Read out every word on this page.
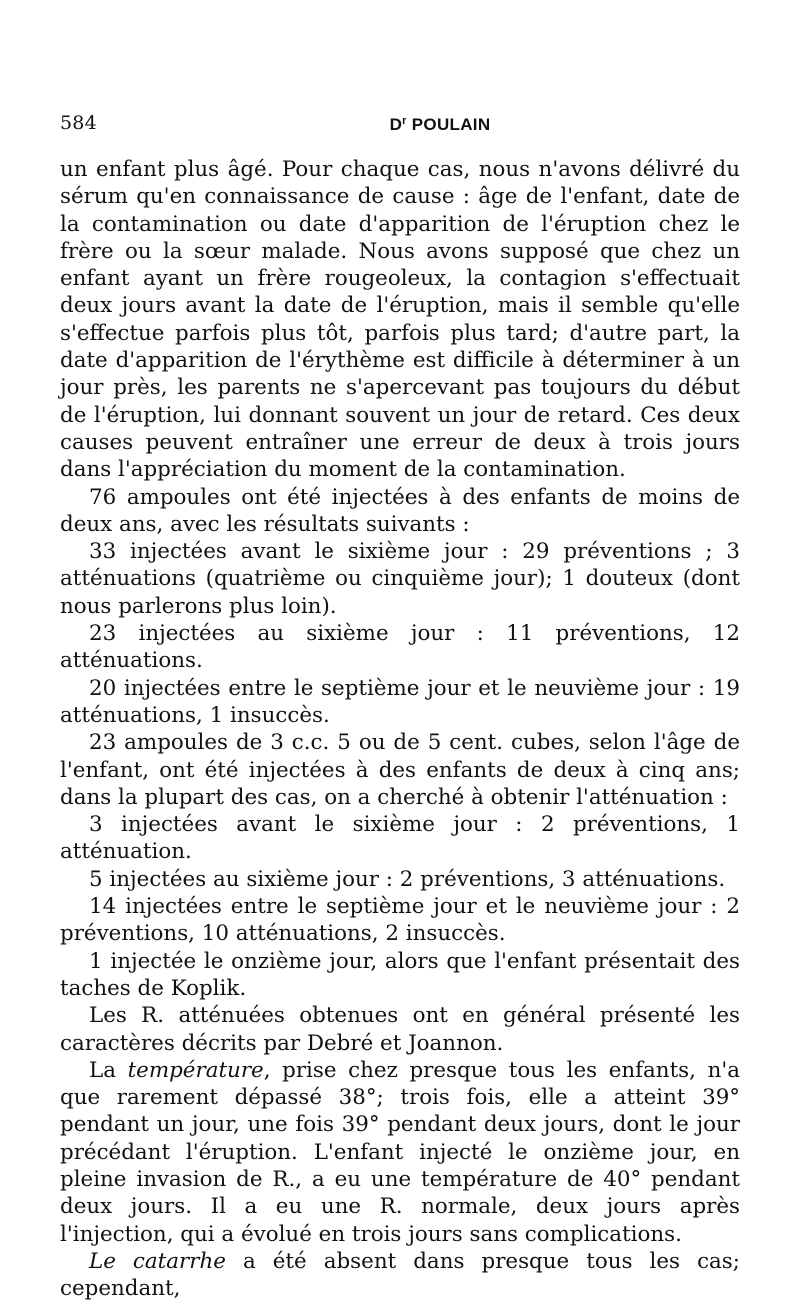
584	$D^r$ POULAIN

un enfant plus âgé. Pour chaque cas, nous n'avons délivré du sérum qu'en connaissance de cause : âge de l'enfant, date de la contamination ou date d'apparition de l'éruption chez le frère ou la sœur malade. Nous avons supposé que chez un enfant ayant un frère rougeoleux, la contagion s'effectuait deux jours avant la date de l'éruption, mais il semble qu'elle s'effectue parfois plus tôt, parfois plus tard; d'autre part, la date d'apparition de l'érythème est difficile à déterminer à un jour près, les parents ne s'apercevant pas toujours du début de l'éruption, lui donnant souvent un jour de retard. Ces deux causes peuvent entraîner une erreur de deux à trois jours dans l'appréciation du moment de la contamination.

76 ampoules ont été injectées à des enfants de moins de deux ans, avec les résultats suivants :

33 injectées avant le sixième jour : 29 préventions ; 3 atténuations (quatrième ou cinquième jour); 1 douteux (dont nous parlerons plus loin).

23 injectées au sixième jour : 11 préventions, 12 atténuations.

20 injectées entre le septième jour et le neuvième jour : 19 atténuations, 1 insuccès.

23 ampoules de 3 c.c. 5 ou de 5 cent. cubes, selon l'âge de l'enfant, ont été injectées à des enfants de deux à cinq ans; dans la plupart des cas, on a cherché à obtenir l'atténuation :

3 injectées avant le sixième jour : 2 préventions, 1 atténuation.

5 injectées au sixième jour : 2 préventions, 3 atténuations.

14 injectées entre le septième jour et le neuvième jour : 2 préventions, 10 atténuations, 2 insuccès.

1 injectée le onzième jour, alors que l'enfant présentait des taches de Koplik.

Les R. atténuées obtenues ont en général présenté les caractères décrits par Debré et Joannon.

La température, prise chez presque tous les enfants, n'a que rarement dépassé 38°; trois fois, elle a atteint 39° pendant un jour, une fois 39° pendant deux jours, dont le jour précédant l'éruption. L'enfant injecté le onzième jour, en pleine invasion de R., a eu une température de 40° pendant deux jours. Il a eu une R. normale, deux jours après l'injection, qui a évolué en trois jours sans complications.

Le catarrhe a été absent dans presque tous les cas; cependant,
